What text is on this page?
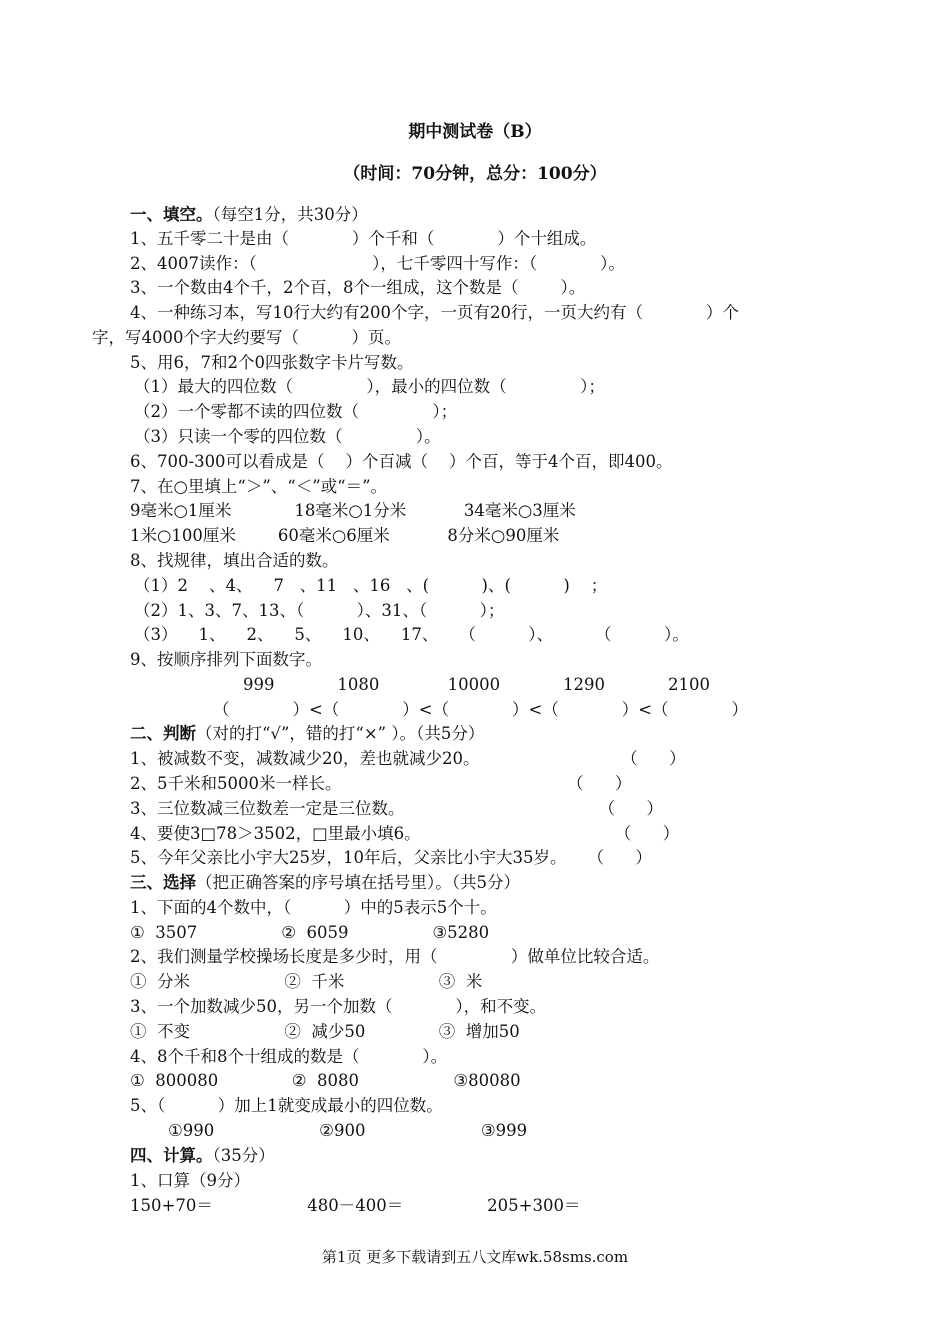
期中测试卷（B）
（时间：70分钟，总分：100分）
一、填空。（每空1分，共30分）
1、五千零二十是由（            ）个千和（            ）个十组成。
2、4007读作：（                      ），七千零四十写作：（            ）。
3、一个数由4个千，2个百，8个一组成，这个数是（        ）。
4、一种练习本，写10行大约有200个字，一页有20行，一页大约有（            ）个
字，写4000个字大约要写（          ）页。
5、用6，7和2个0四张数字卡片写数。
（1）最大的四位数（              ），最小的四位数（              ）；
（2）一个零都不读的四位数（              ）；
（3）只读一个零的四位数（              ）。
6、700-300可以看成是（    ）个百减（    ）个百，等于4个百，即400。
7、在○里填上“＞”、“＜”或“＝”。
9毫米○1厘米            18毫米○1分米           34毫米○3厘米
1米○100厘米        60毫米○6厘米           8分米○90厘米
8、找规律，填出合适的数。
（1）2    、4、    7   、11   、16   、(          )、(          )    ；
（2）1、3、7、13、（          ）、31、（          ）；
（3）    1、    2、    5、    10、    17、    （          ）、        （          ）。
9、按顺序排列下面数字。
999            1080             10000            1290            2100
（            ）<（            ）<（            ）<（            ）<（            ）
二、判断（对的打“√”，错的打“×” ）。（共5分）
1、被减数不变，减数减少20，差也就减少20。                           （      ）
2、5千米和5000米一样长。                                           （      ）
3、三位数减三位数差一定是三位数。                                     （      ）
4、要使3□78＞3502，□里最小填6。                                     （      ）
5、今年父亲比小宇大25岁，10年后，父亲比小宇大35岁。    （      ）
三、选择（把正确答案的序号填在括号里）。（共5分）
1、下面的4个数中，（          ）中的5表示5个十。
①  3507                ②  6059                ③5280
2、我们测量学校操场长度是多少时，用（              ）做单位比较合适。
①  分米                  ②  千米                  ③  米
3、一个加数减少50，另一个加数（            ），和不变。
①  不变                  ②  减少50              ③  增加50
4、8个千和8个十组成的数是（            ）。
①  800080              ②  8080                  ③80080
5、（          ）加上1就变成最小的四位数。
①990                    ②900                      ③999
四、计算。（35分）
1、口算（9分）
150+70＝                  480－400＝                205+300＝
第1页 更多下载请到五八文库wk.58sms.com
